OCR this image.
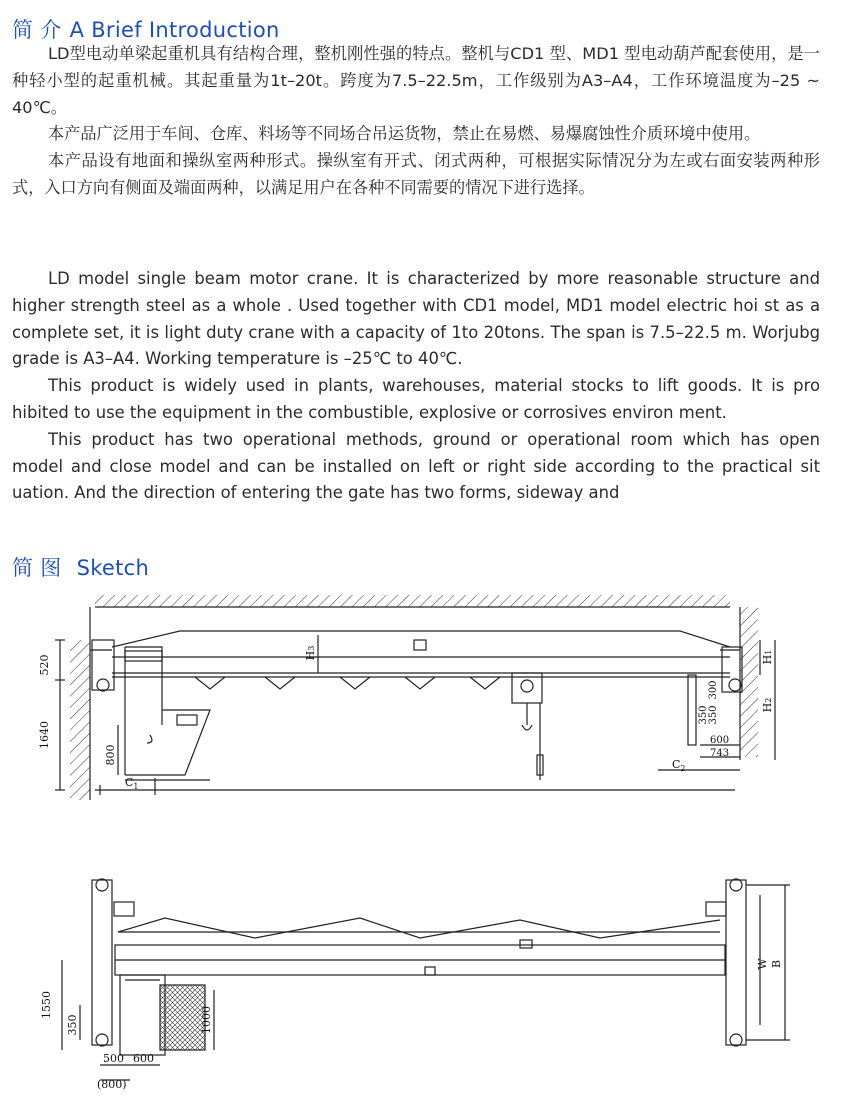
简 介 A Brief Introduction

LD型电动单梁起重机具有结构合理，整机刚性强的特点。整机与CD1 型、MD1 型电动葫芦配套使用，是一种轻小型的起重机械。其起重量为1t–20t。跨度为7.5–22.5m，工作级别为A3–A4，工作环境温度为–25 ~ 40℃。

本产品广泛用于车间、仓库、料场等不同场合吊运货物，禁止在易燃、易爆腐蚀性介质环境中使用。

本产品设有地面和操纵室两种形式。操纵室有开式、闭式两种，可根据实际情况分为左或右面安装两种形式，入口方向有侧面及端面两种，以满足用户在各种不同需要的情况下进行选择。

LD model single beam motor crane. It is characterized by more reasonable structure and higher strength steel as a whole . Used together with CD1 model, MD1 model electric hoi st as a complete set, it is light duty crane with a capacity of 1to 20tons. The span is 7.5–22.5 m. Worjubg grade is A3–A4. Working temperature is –25℃ to 40℃.

This product is widely used in plants, warehouses, material stocks to lift goods. It is pro hibited to use the equipment in the combustible, explosive or corrosives environ ment.

This product has two operational methods, ground or operational room which has open model and close model and can be installed on left or right side according to the practical sit uation. And the direction of entering the gate has two forms, sideway and

简 图 Sketch
520
1640
800
$C_1$
$C_2$
H3
H1
H2
300
350
350
600
743
1550
350	1000
500 600
(800)
W B
